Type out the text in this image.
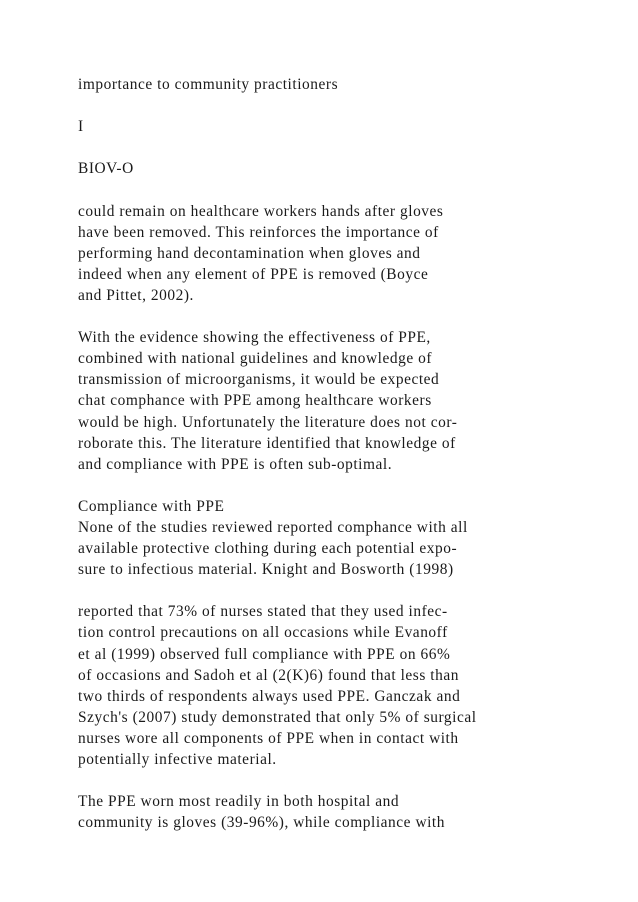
importance to community practitioners
I
BIOV-O
could remain on healthcare workers hands after gloves
have been removed. This reinforces the importance of
performing hand decontamination when gloves and
indeed when any element of PPE is removed (Boyce
and Pittet, 2002).
With the evidence showing the effectiveness of PPE,
combined with national guidelines and knowledge of
transmission of microorganisms, it would be expected
chat comphance with PPE among healthcare workers
would be high. Unfortunately the literature does not cor-
roborate this. The literature identified that knowledge of
and compliance with PPE is often sub-optimal.
Compliance with PPE
None of the studies reviewed reported comphance with all
available protective clothing during each potential expo-
sure to infectious material. Knight and Bosworth (1998)
reported that 73% of nurses stated that they used infec-
tion control precautions on all occasions while Evanoff
et al (1999) observed full compliance with PPE on 66%
of occasions and Sadoh et al (2(K)6) found that less than
two thirds of respondents always used PPE. Ganczak and
Szych's (2007) study demonstrated that only 5% of surgical
nurses wore all components of PPE when in contact with
potentially infective material.
The PPE worn most readily in both hospital and
community is gloves (39-96%), while compliance with
